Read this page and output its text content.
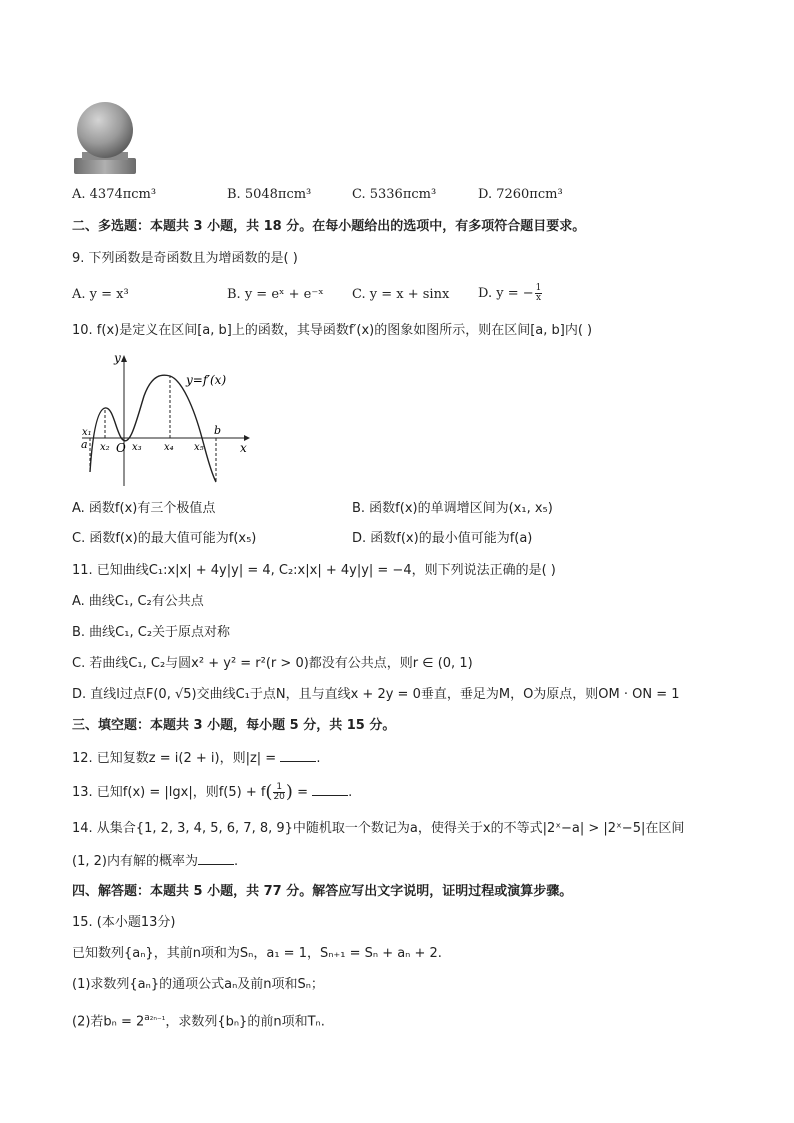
A. 4374πcm³	B. 5048πcm³	C. 5336πcm³	D. 7260πcm³
二、多选题：本题共 3 小题，共 18 分。在每小题给出的选项中，有多项符合题目要求。
9. 下列函数是奇函数且为增函数的是( )
A. y = x³	B. y = eˣ + e⁻ˣ C. y = x + sinx D. y = − $\frac{1}{x}$
10. f(x)是定义在区间[a, b]上的函数，其导函数f′(x)的图象如图所示，则在区间[a, b]内( )
y
x
y=f′(x)
O
x₁
a x₂ x₃ x₄ x₅
b
A. 函数f(x)有三个极值点	B. 函数f(x)的单调增区间为(x₁, x₅)
C. 函数f(x)的最大值可能为f(x₅)	D. 函数f(x)的最小值可能为f(a)
11. 已知曲线C₁:x|x| + 4y|y| = 4, C₂:x|x| + 4y|y| = −4，则下列说法正确的是( )
A. 曲线C₁, C₂有公共点
B. 曲线C₁, C₂关于原点对称
C. 若曲线C₁, C₂与圆x² + y² = r²(r > 0)都没有公共点，则r ∈ (0, 1)
D. 直线l过点F(0, √5)交曲线C₁于点N，且与直线x + 2y = 0垂直，垂足为M，O为原点，则OM · ON = 1
三、填空题：本题共 3 小题，每小题 5 分，共 15 分。
12. 已知复数z = i(2 + i)，则|z| =	.
13. 已知f(x) = |lgx|，则$f(5) + f( \frac{1}{20}$ ) =	.
14. 从集合{1, 2, 3, 4, 5, 6, 7, 8, 9}中随机取一个数记为a，使得关于x的不等式|2ˣ−a| > |2ˣ−5|在区间
(1, 2)内有解的概率为	.
四、解答题：本题共 5 小题，共 77 分。解答应写出文字说明，证明过程或演算步骤。
15. (本小题13分)
已知数列{aₙ}，其前n项和为Sₙ，a₁ = 1，Sₙ₊₁ = Sₙ + aₙ + 2.
(1)求数列{aₙ}的通项公式aₙ及前n项和Sₙ；
(2)若$b_n = 2^{a_{2n-1}}$，求数列{bₙ}的前n项和Tₙ.
